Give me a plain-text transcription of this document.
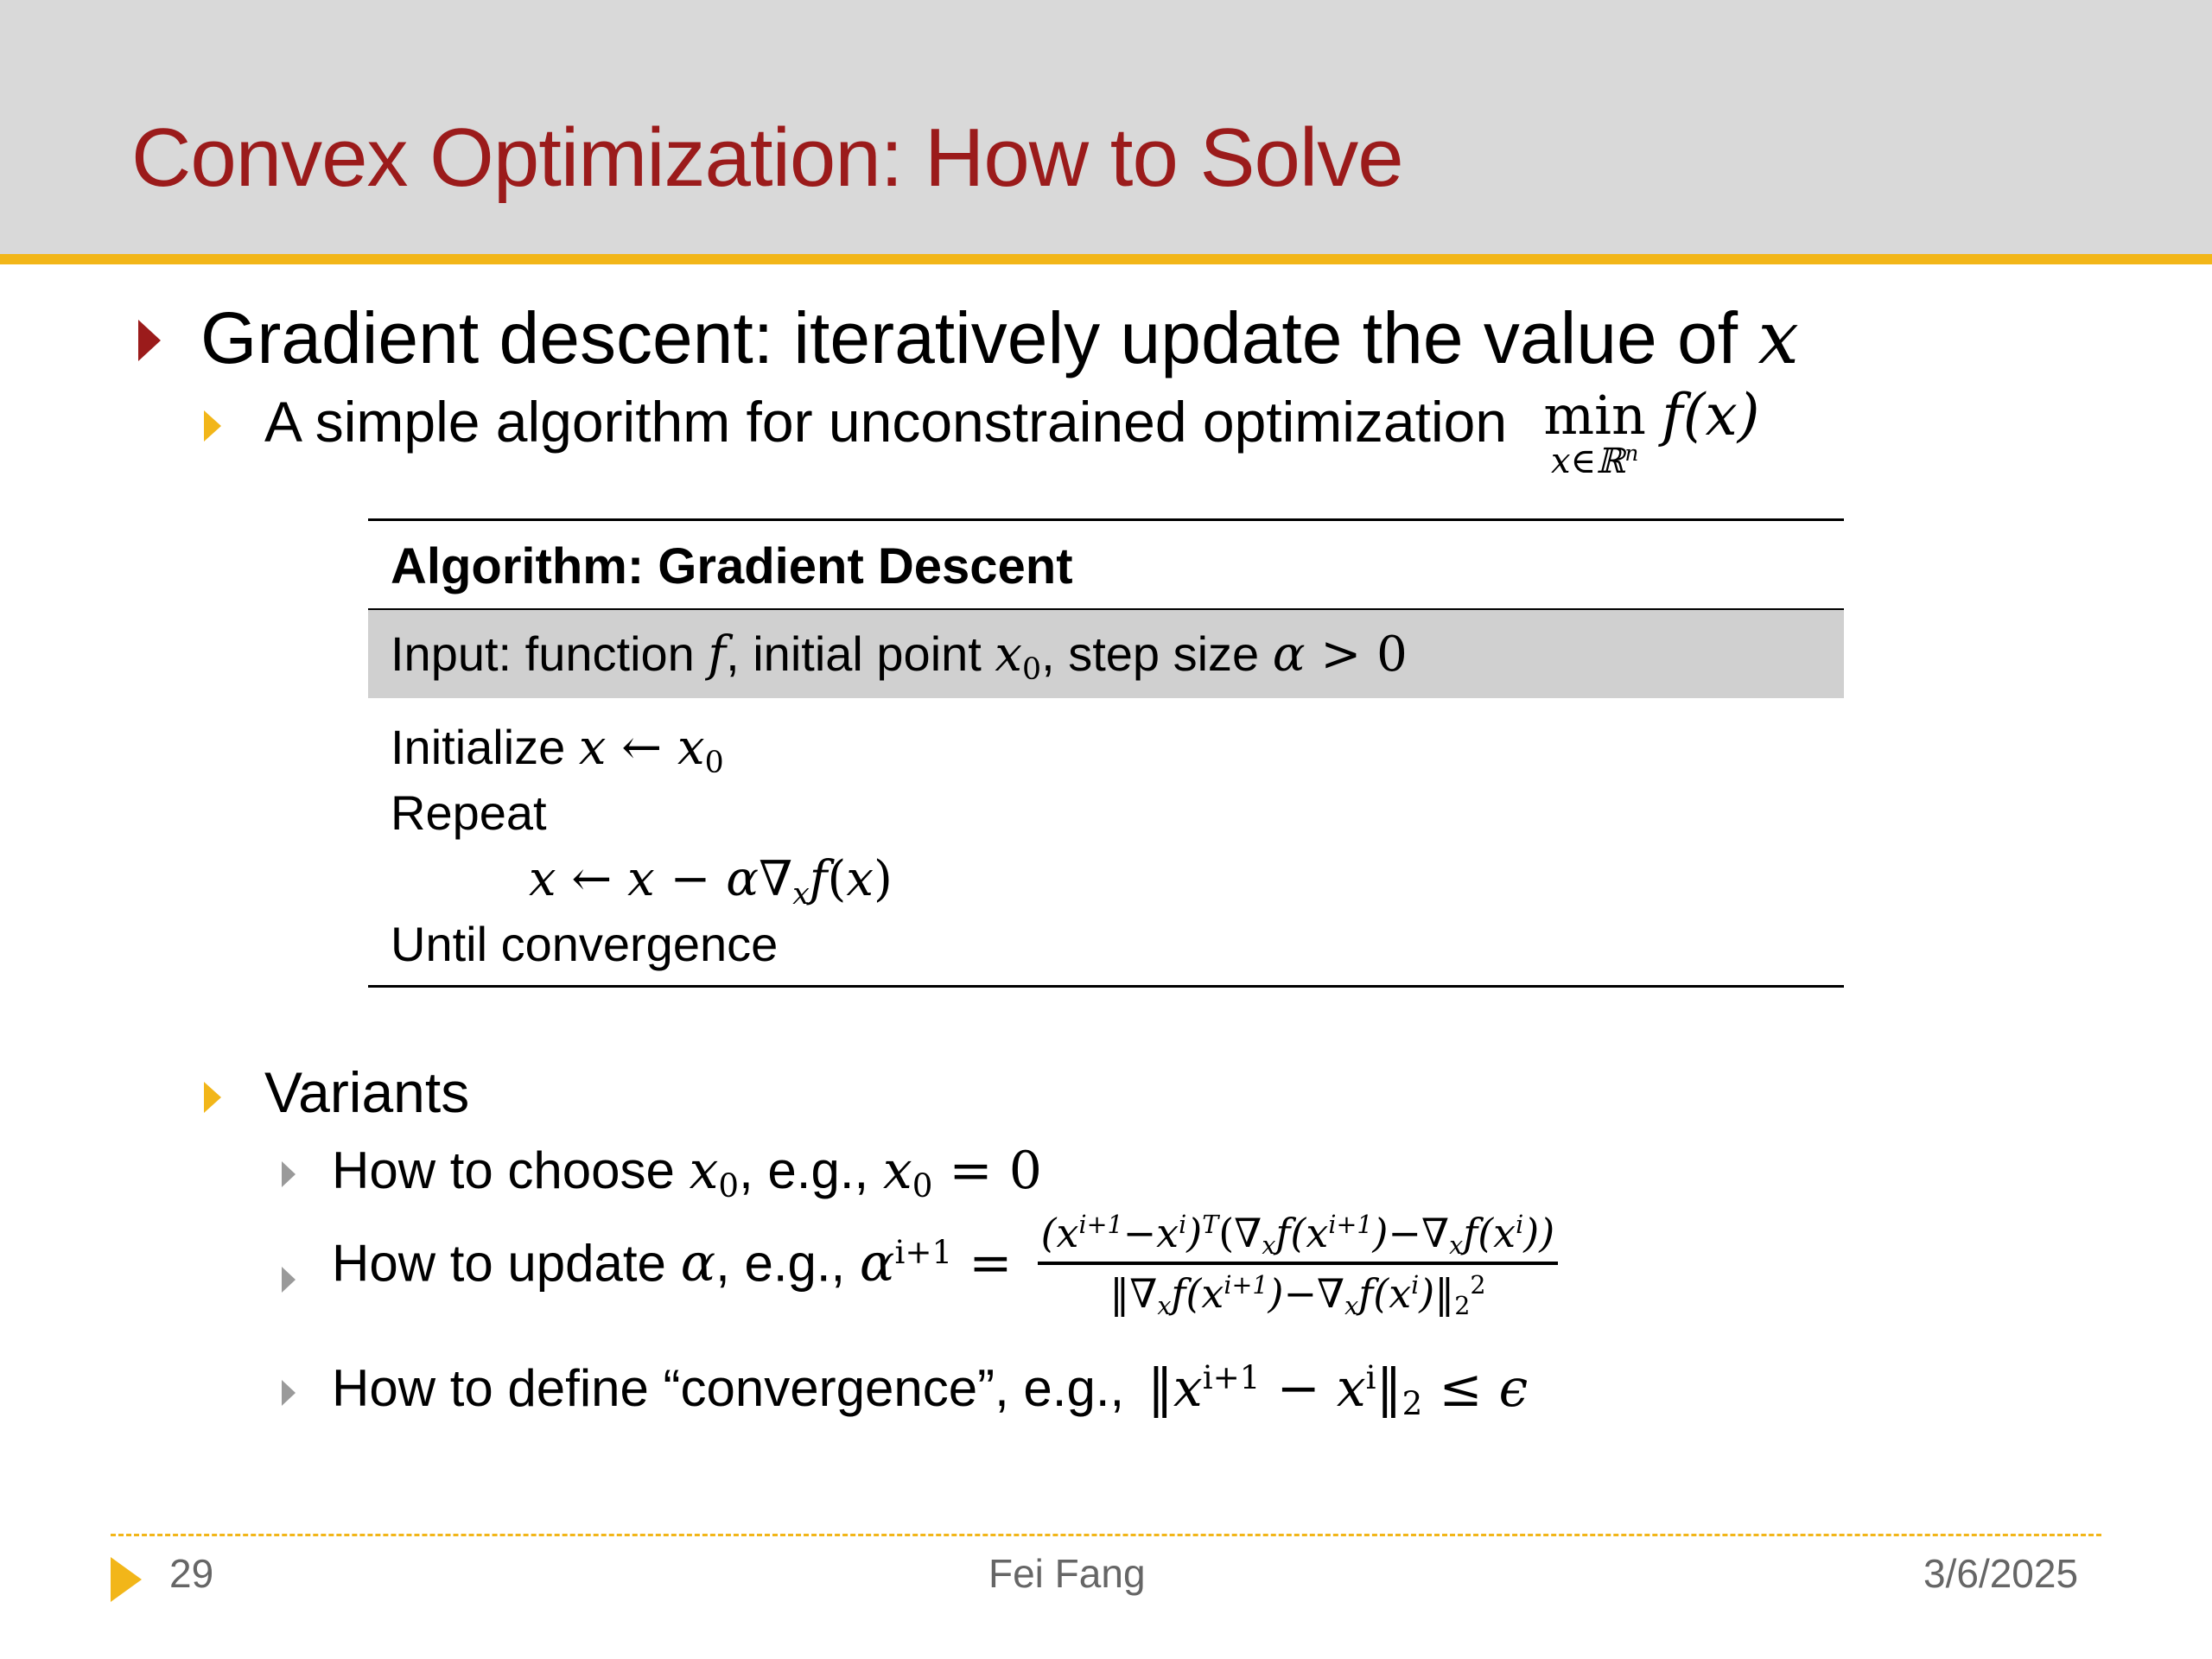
Convex Optimization: How to Solve
Gradient descent: iteratively update the value of x
A simple algorithm for unconstrained optimization min
x∈ℝ$^n$
f(x)
Algorithm: Gradient Descent
Input: function f, initial point $x_0$, step size α > 0
Initialize x ← $x_0$
Repeat
x ← $x - \alpha\nabla_xf(x)$
Until convergence
Variants
How to choose $x_0$, e.g., $x_0 = 0$
How to update α, e.g., $\alpha^{i+1} = \frac{(x^{i+1}-x^i)^T(\nabla_xf(x^{i+1})-\nabla_xf(x^i))}{‖\nabla_xf(x^{i+1})-\nabla_xf(x^i)‖_2^2}$
How to define “convergence”, e.g., $‖x^{i+1}$ − $x^i‖_2 \le \epsilon$
29	Fei Fang	3/6/2025
